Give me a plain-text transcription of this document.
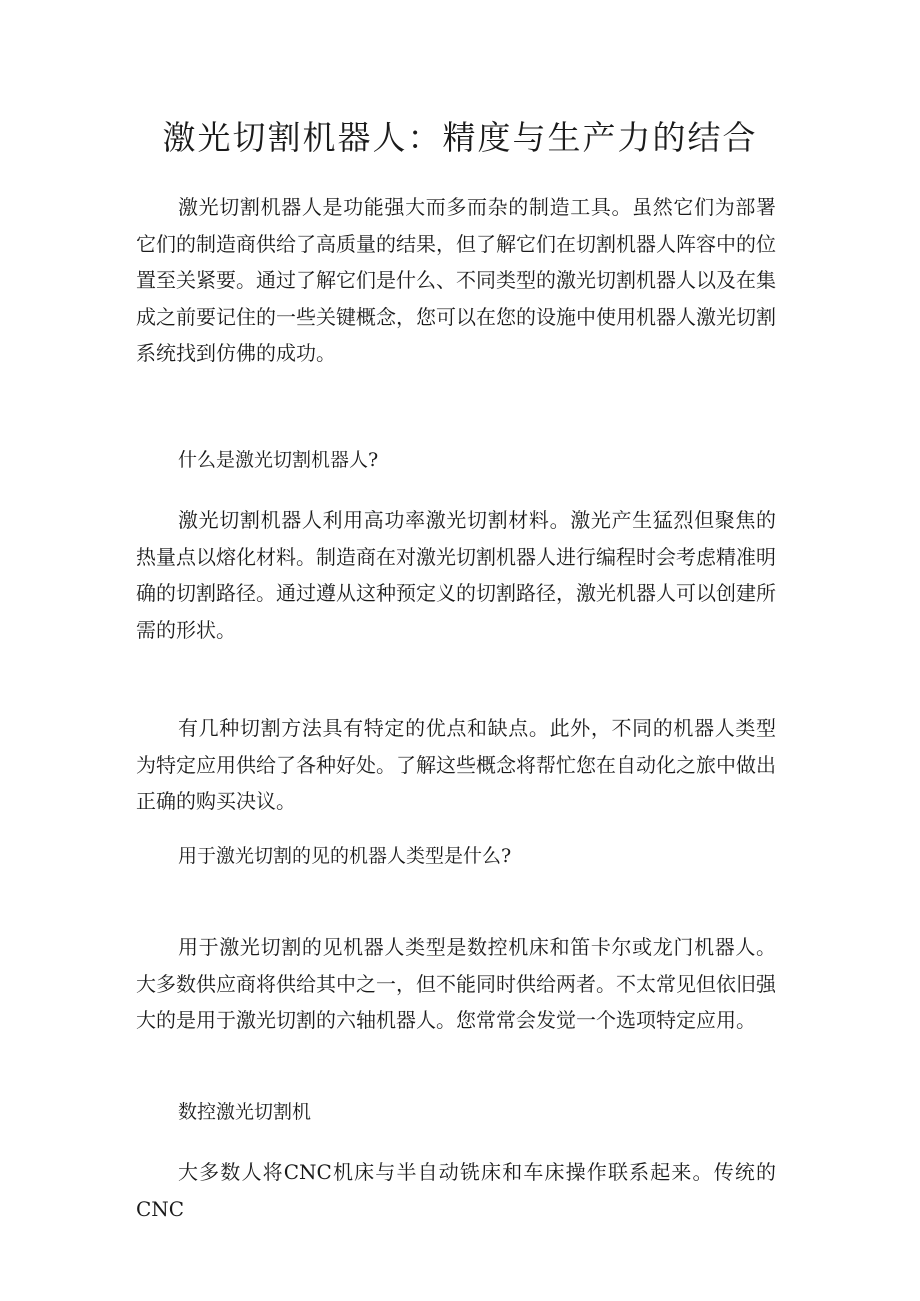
激光切割机器人：精度与生产力的结合

激光切割机器人是功能强大而多而杂的制造工具。虽然它们为部署它们的制造商供给了高质量的结果，但了解它们在切割机器人阵容中的位置至关紧要。通过了解它们是什么、不同类型的激光切割机器人以及在集成之前要记住的一些关键概念，您可以在您的设施中使用机器人激光切割系统找到仿佛的成功。

什么是激光切割机器人?

激光切割机器人利用高功率激光切割材料。激光产生猛烈但聚焦的热量点以熔化材料。制造商在对激光切割机器人进行编程时会考虑精准明确的切割路径。通过遵从这种预定义的切割路径，激光机器人可以创建所需的形状。

有几种切割方法具有特定的优点和缺点。此外，不同的机器人类型为特定应用供给了各种好处。了解这些概念将帮忙您在自动化之旅中做出正确的购买决议。

用于激光切割的见的机器人类型是什么?

用于激光切割的见机器人类型是数控机床和笛卡尔或龙门机器人。大多数供应商将供给其中之一，但不能同时供给两者。不太常见但依旧强大的是用于激光切割的六轴机器人。您常常会发觉一个选项特定应用。

数控激光切割机

大多数人将CNC机床与半自动铣床和车床操作联系起来。传统的CNC
